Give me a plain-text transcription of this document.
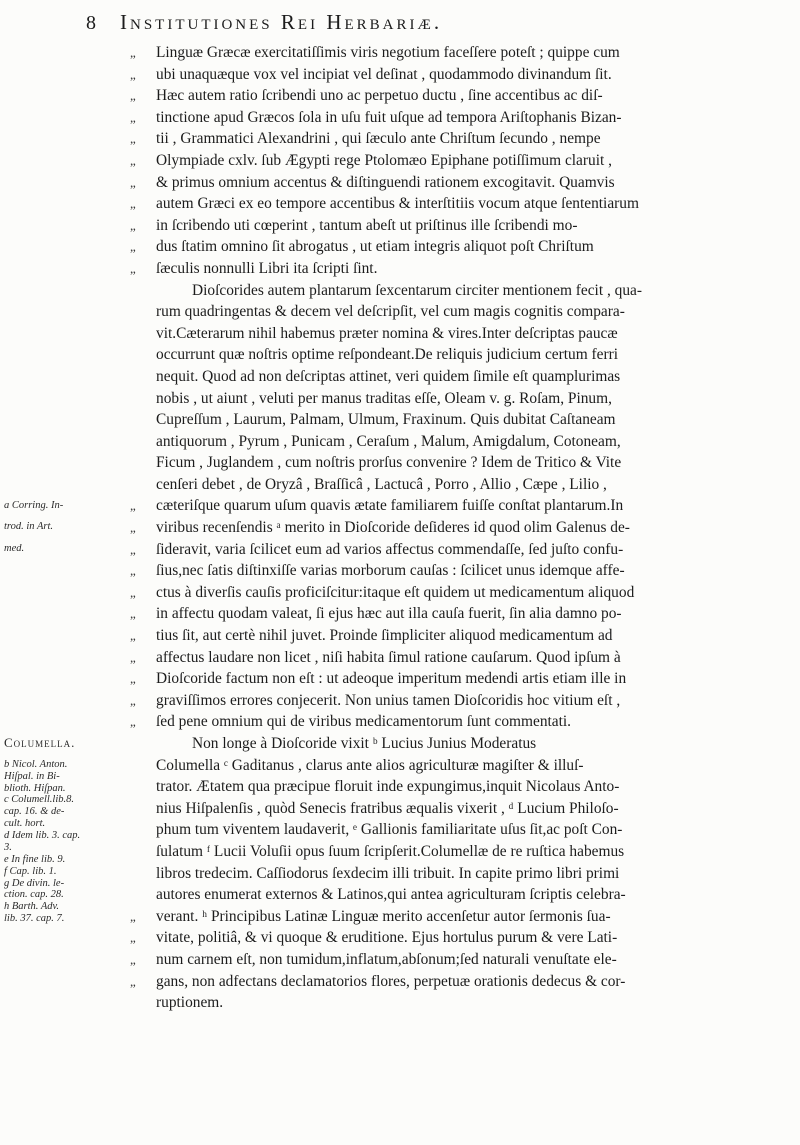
8	Institutiones Rei Herbariæ.
a Corring. In-
trod. in Art.
med.
Columella.
b Nicol. Anton.
Hiſpal. in Bi-
blioth. Hiſpan.
c Columell.lib.8.
cap. 16. & de-
cult. hort.
d Idem lib. 3. cap.
3.
e In fine lib. 9.
f Cap. lib. 1.
g De divin. le-
ction. cap. 28.
h Barth. Adv.
lib. 37. cap. 7.
„	Linguæ Græcæ exercitatiſſimis viris negotium faceſſere poteſt ; quippe cum
„	ubi unaquæque vox vel incipiat vel deſinat , quodammodo divinandum ſit.
„	Hæc autem ratio ſcribendi uno ac perpetuo ductu , ſine accentibus ac diſ-
„	tinctione apud Græcos ſola in uſu fuit uſque ad tempora Ariſtophanis Bizan-
„	tii , Grammatici Alexandrini , qui ſæculo ante Chriſtum ſecundo , nempe
„	Olympiade cxlv. ſub Ægypti rege Ptolomæo Epiphane potiſſimum claruit ,
„	& primus omnium accentus & diſtinguendi rationem excogitavit. Quamvis
„	autem Græci ex eo tempore accentibus & interſtitiis vocum atque ſententiarum
„	in ſcribendo uti cœperint , tantum abeſt ut priſtinus ille ſcribendi mo-
„	dus ſtatim omnino ſit abrogatus , ut etiam integris aliquot poſt Chriſtum
„	ſæculis nonnulli Libri ita ſcripti ſint.
Dioſcorides autem plantarum ſexcentarum circiter mentionem fecit , qua-
rum quadringentas & decem vel deſcripſit, vel cum magis cognitis compara-
vit.Cæterarum nihil habemus præter nomina & vires.Inter deſcriptas paucæ
occurrunt quæ noſtris optime reſpondeant.De reliquis judicium certum ferri
nequit. Quod ad non deſcriptas attinet, veri quidem ſimile eſt quamplurimas
nobis , ut aiunt , veluti per manus traditas eſſe, Oleam v. g. Roſam, Pinum,
Cupreſſum , Laurum, Palmam, Ulmum, Fraxinum. Quis dubitat Caſtaneam
antiquorum , Pyrum , Punicam , Ceraſum , Malum, Amigdalum, Cotoneam,
Ficum , Juglandem , cum noſtris prorſus convenire ? Idem de Tritico & Vite
cenſeri debet , de Oryzâ , Braſſicâ , Lactucâ , Porro , Allio , Cæpe , Lilio ,
„	cæteriſque quarum uſum quavis ætate familiarem fuiſſe conſtat plantarum.In
„	viribus recenſendis ᵃ merito in Dioſcoride deſideres id quod olim Galenus de-
„	ſideravit, varia ſcilicet eum ad varios affectus commendaſſe, ſed juſto confu-
„	ſius,nec ſatis diſtinxiſſe varias morborum cauſas : ſcilicet unus idemque affe-
„	ctus à diverſis cauſis proficiſcitur:itaque eſt quidem ut medicamentum aliquod
„	in affectu quodam valeat, ſi ejus hæc aut illa cauſa fuerit, ſin alia damno po-
„	tius ſit, aut certè nihil juvet. Proinde ſimpliciter aliquod medicamentum ad
„	affectus laudare non licet , niſi habita ſimul ratione cauſarum. Quod ipſum à
„	Dioſcoride factum non eſt : ut adeoque imperitum medendi artis etiam ille in
„	graviſſimos errores conjecerit. Non unius tamen Dioſcoridis hoc vitium eſt ,
„	ſed pene omnium qui de viribus medicamentorum ſunt commentati.
Non longe à Dioſcoride vixit ᵇ Lucius Junius Moderatus
Columella ᶜ Gaditanus , clarus ante alios agriculturæ magiſter & illuſ-
trator. Ætatem qua præcipue floruit inde expungimus,inquit Nicolaus Anto-
nius Hiſpalenſis , quòd Senecis fratribus æqualis vixerit , ᵈ Lucium Philoſo-
phum tum viventem laudaverit, ᵉ Gallionis familiaritate uſus ſit,ac poſt Con-
ſulatum ᶠ Lucii Voluſii opus ſuum ſcripſerit.Columellæ de re ruſtica habemus
libros tredecim. Caſſiodorus ſexdecim illi tribuit. In capite primo libri primi
autores enumerat externos & Latinos,qui antea agriculturam ſcriptis celebra-
„	verant. ʰ Principibus Latinæ Linguæ merito accenſetur autor ſermonis ſua-
„	vitate, politiâ, & vi quoque & eruditione. Ejus hortulus purum & vere Lati-
„	num carnem eſt, non tumidum,inflatum,abſonum;ſed naturali venuſtate ele-
„	gans, non adfectans declamatorios flores, perpetuæ orationis dedecus & cor-
ruptionem.
